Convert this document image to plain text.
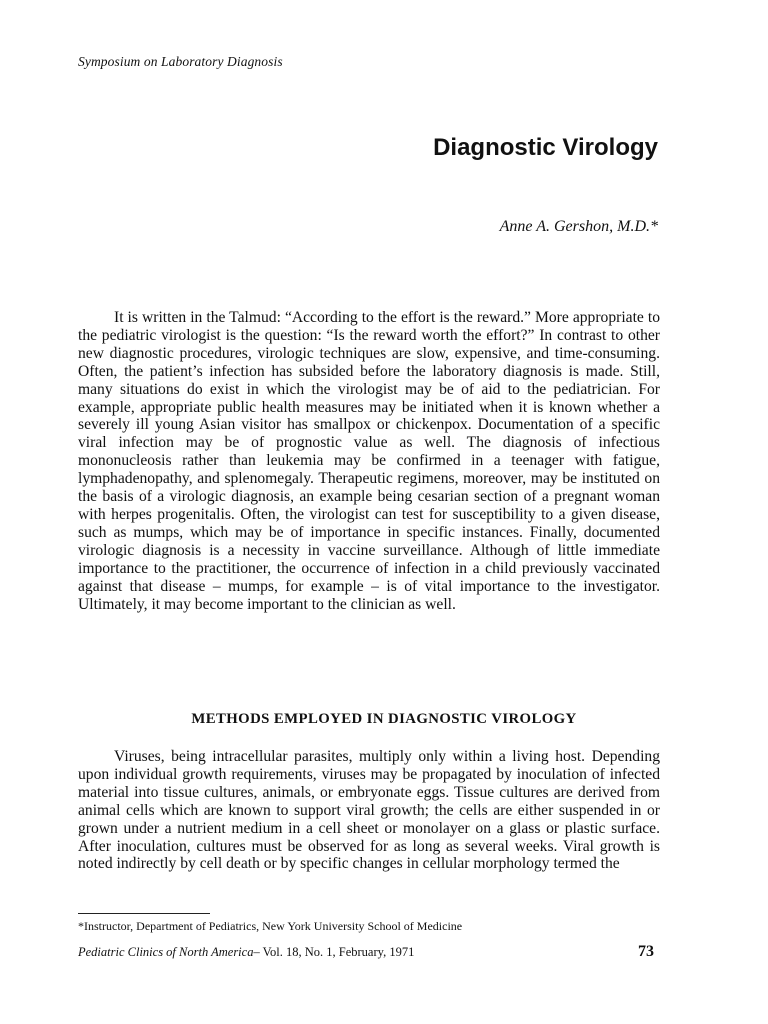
Symposium on Laboratory Diagnosis
Diagnostic Virology
Anne A. Gershon, M.D.*

It is written in the Talmud: “According to the effort is the reward.” More appropriate to the pediatric virologist is the question: “Is the reward worth the effort?” In contrast to other new diagnostic procedures, virologic techniques are slow, expensive, and time-consuming. Often, the patient’s infection has subsided before the laboratory diagnosis is made. Still, many situations do exist in which the virologist may be of aid to the pediatrician. For example, appropriate public health measures may be initiated when it is known whether a severely ill young Asian visitor has smallpox or chickenpox. Documentation of a specific viral infection may be of prognostic value as well. The diagnosis of infectious mononucleosis rather than leukemia may be confirmed in a teenager with fatigue, lymphadenopathy, and splenomegaly. Therapeutic regimens, moreover, may be instituted on the basis of a virologic diagnosis, an example being cesarian section of a pregnant woman with herpes progenitalis. Often, the virologist can test for susceptibility to a given disease, such as mumps, which may be of importance in specific instances. Finally, documented virologic diagnosis is a necessity in vaccine surveillance. Although of little immediate importance to the practitioner, the occurrence of infection in a child previously vaccinated against that disease – mumps, for example – is of vital importance to the investigator. Ultimately, it may become important to the clinician as well.

METHODS EMPLOYED IN DIAGNOSTIC VIROLOGY

Viruses, being intracellular parasites, multiply only within a living host. Depending upon individual growth requirements, viruses may be propagated by inoculation of infected material into tissue cultures, animals, or embryonate eggs. Tissue cultures are derived from animal cells which are known to support viral growth; the cells are either suspended in or grown under a nutrient medium in a cell sheet or monolayer on a glass or plastic surface. After inoculation, cultures must be observed for as long as several weeks. Viral growth is noted indirectly by cell death or by specific changes in cellular morphology termed the

*Instructor, Department of Pediatrics, New York University School of Medicine
Pediatric Clinics of North America– Vol. 18, No. 1, February, 1971	73
